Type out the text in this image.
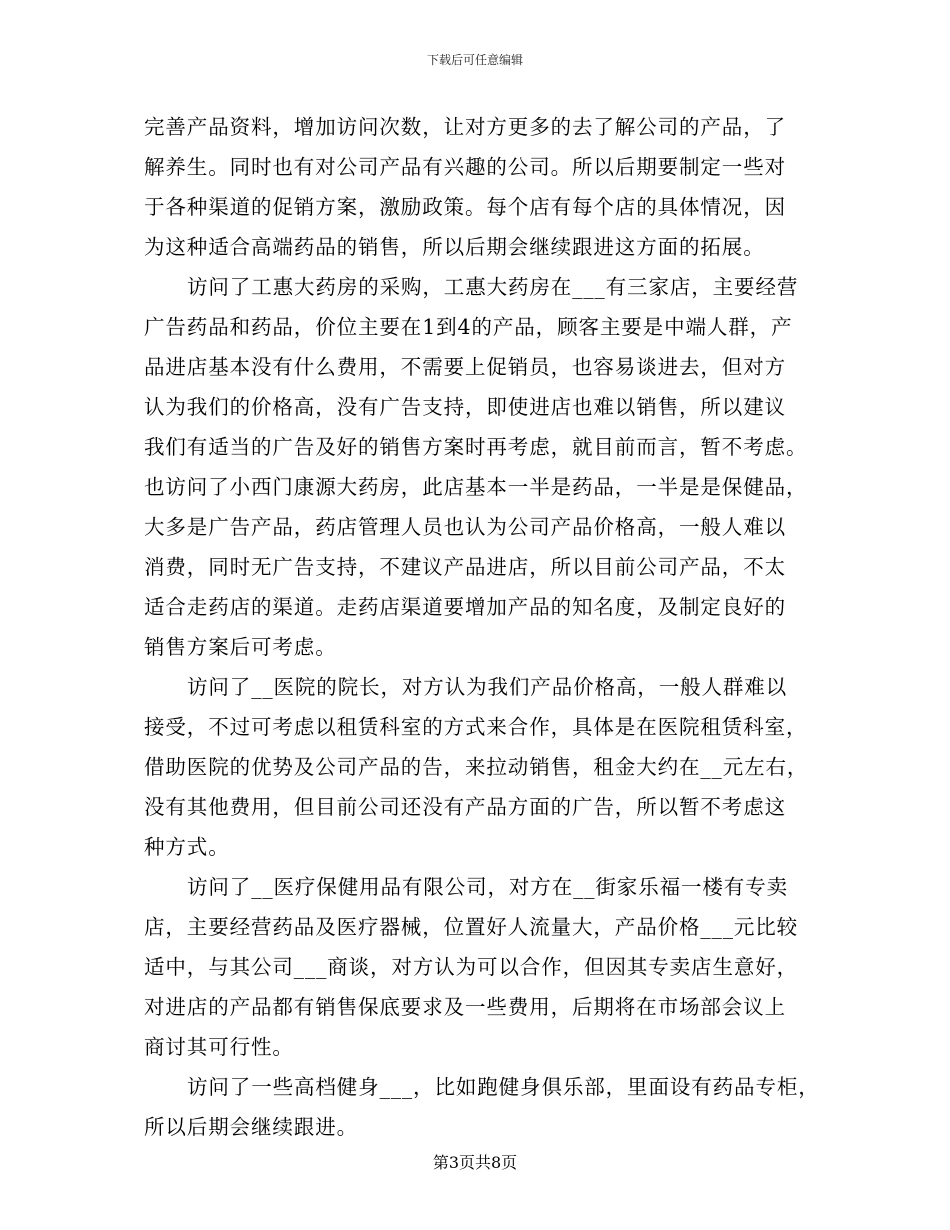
下载后可任意编辑
完善产品资料，增加访问次数，让对方更多的去了解公司的产品，了
解养生。同时也有对公司产品有兴趣的公司。所以后期要制定一些对
于各种渠道的促销方案，激励政策。每个店有每个店的具体情况，因
为这种适合高端药品的销售，所以后期会继续跟进这方面的拓展。
访问了工惠大药房的采购，工惠大药房在___有三家店，主要经营
广告药品和药品，价位主要在1到4的产品，顾客主要是中端人群，产
品进店基本没有什么费用，不需要上促销员，也容易谈进去，但对方
认为我们的价格高，没有广告支持，即使进店也难以销售，所以建议
我们有适当的广告及好的销售方案时再考虑，就目前而言，暂不考虑。
也访问了小西门康源大药房，此店基本一半是药品，一半是是保健品，
大多是广告产品，药店管理人员也认为公司产品价格高，一般人难以
消费，同时无广告支持，不建议产品进店，所以目前公司产品，不太
适合走药店的渠道。走药店渠道要增加产品的知名度，及制定良好的
销售方案后可考虑。
访问了__医院的院长，对方认为我们产品价格高，一般人群难以
接受，不过可考虑以租赁科室的方式来合作，具体是在医院租赁科室，
借助医院的优势及公司产品的告，来拉动销售，租金大约在__元左右，
没有其他费用，但目前公司还没有产品方面的广告，所以暂不考虑这
种方式。
访问了__医疗保健用品有限公司，对方在__街家乐福一楼有专卖
店，主要经营药品及医疗器械，位置好人流量大，产品价格___元比较
适中，与其公司___商谈，对方认为可以合作，但因其专卖店生意好，
对进店的产品都有销售保底要求及一些费用，后期将在市场部会议上
商讨其可行性。
访问了一些高档健身___，比如跑健身俱乐部，里面设有药品专柜，
所以后期会继续跟进。
第3页共8页
